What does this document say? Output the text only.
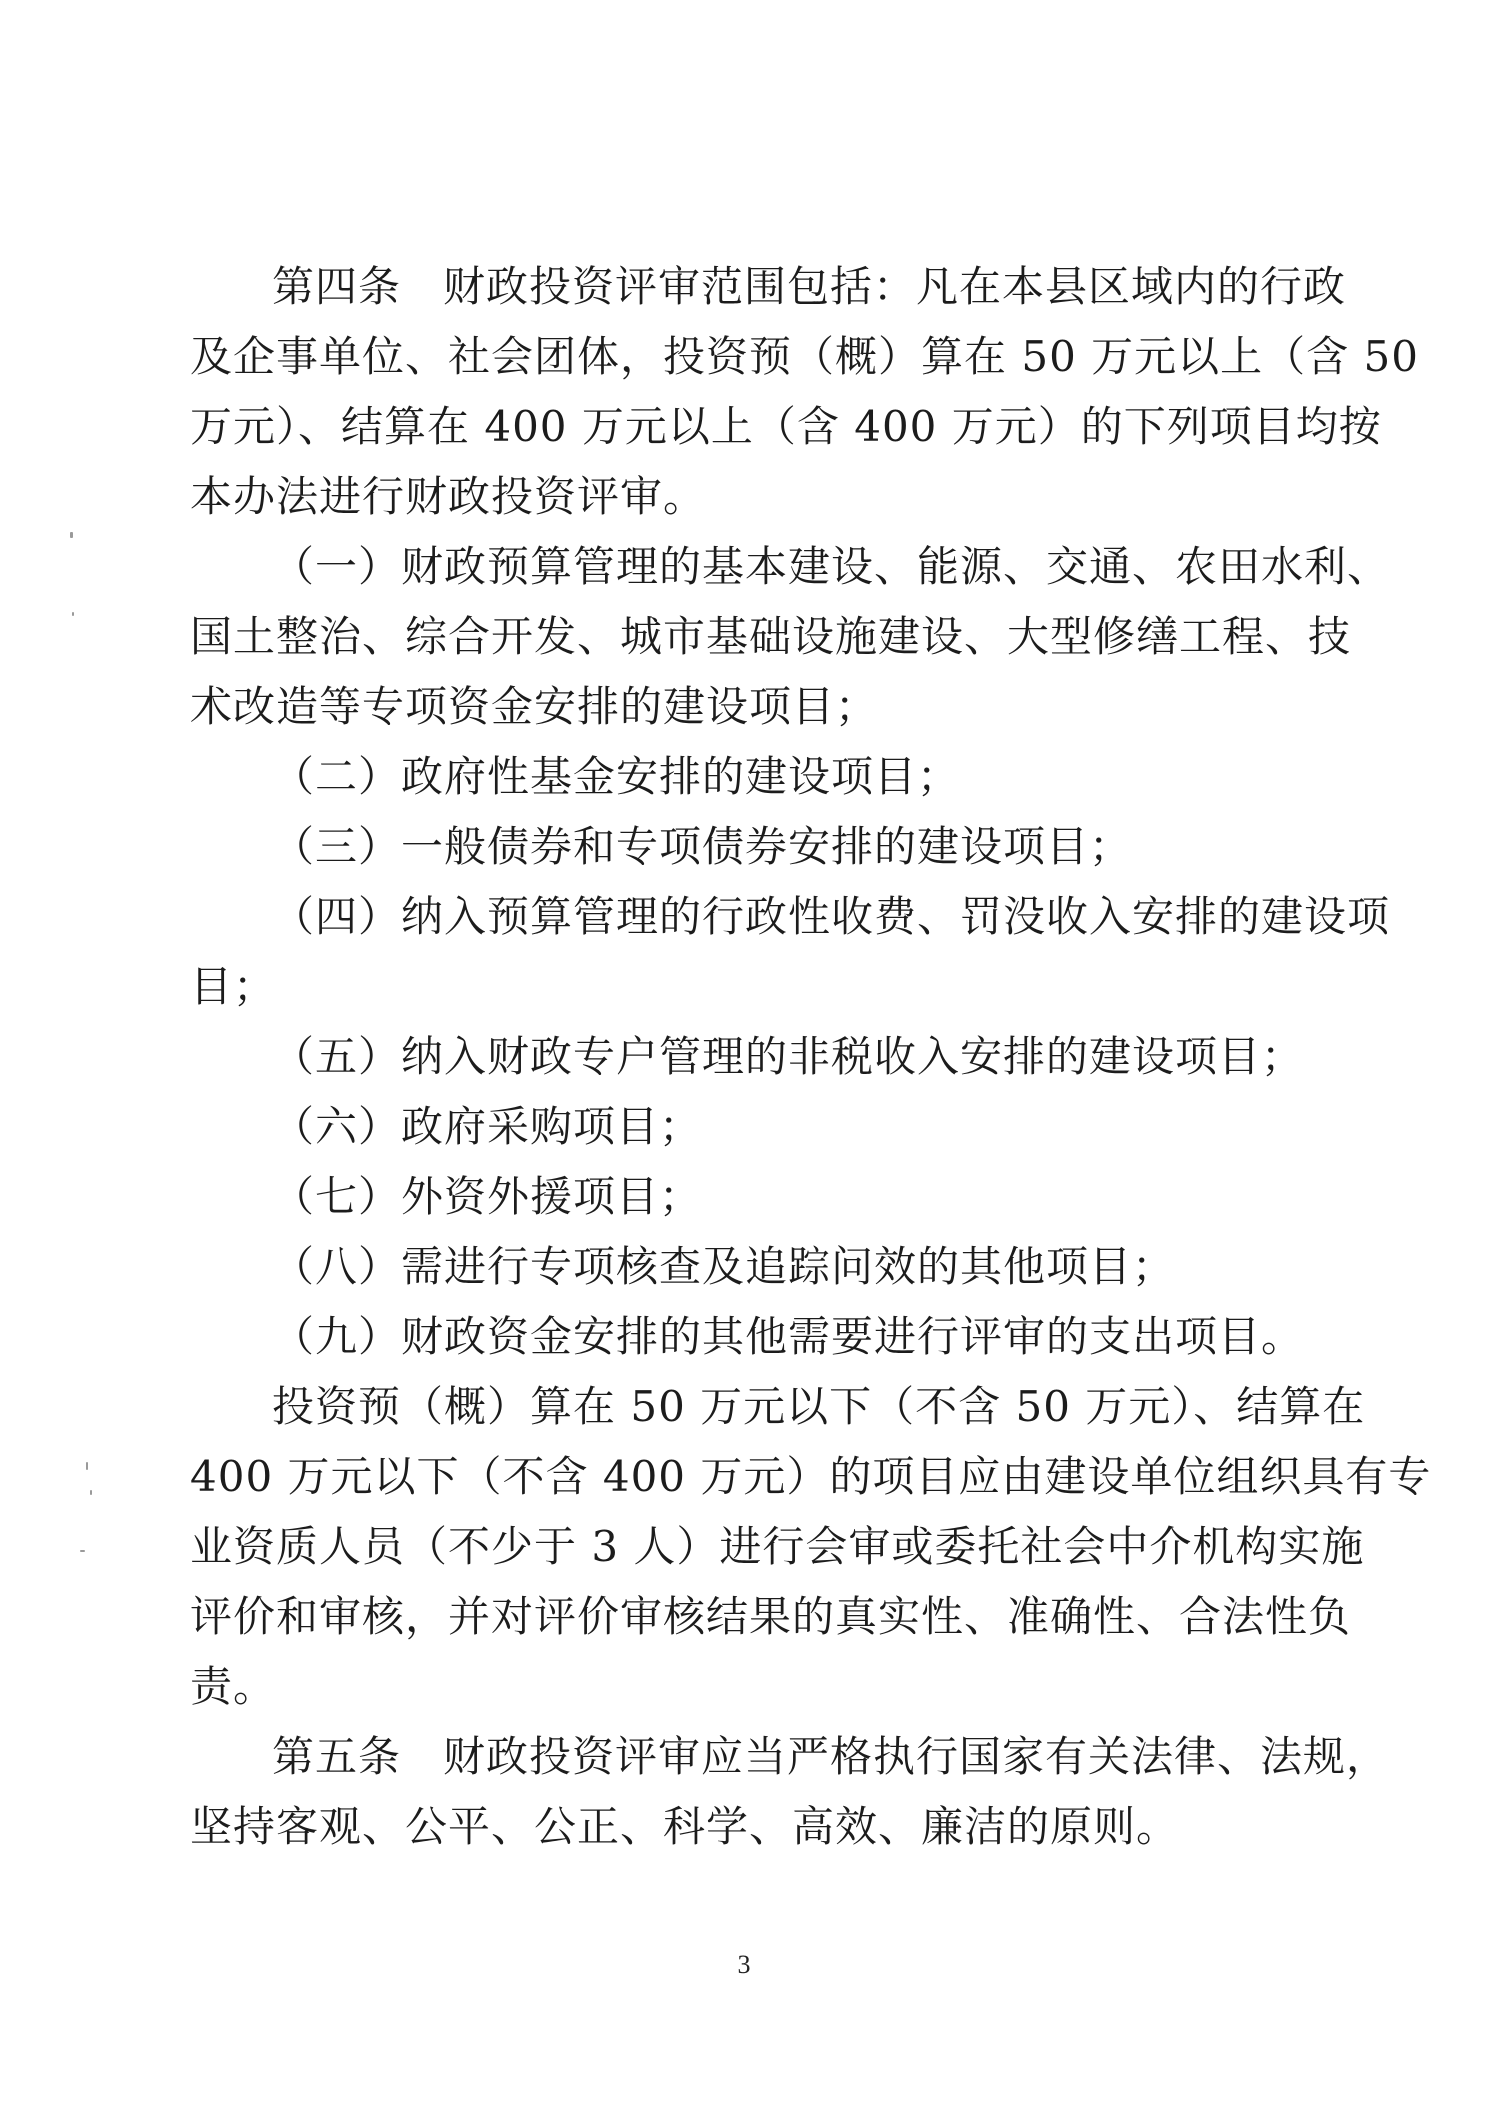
第四条 财政投资评审范围包括：凡在本县区域内的行政
及企事单位、社会团体，投资预（概）算在 50 万元以上（含 50
万元）、结算在 400 万元以上（含 400 万元）的下列项目均按
本办法进行财政投资评审。
（一）财政预算管理的基本建设、能源、交通、农田水利、
国土整治、综合开发、城市基础设施建设、大型修缮工程、技
术改造等专项资金安排的建设项目；
（二）政府性基金安排的建设项目；
（三）一般债券和专项债券安排的建设项目；
（四）纳入预算管理的行政性收费、罚没收入安排的建设项
目；
（五）纳入财政专户管理的非税收入安排的建设项目；
（六）政府采购项目；
（七）外资外援项目；
（八）需进行专项核查及追踪问效的其他项目；
（九）财政资金安排的其他需要进行评审的支出项目。
投资预（概）算在 50 万元以下（不含 50 万元）、结算在
400 万元以下（不含 400 万元）的项目应由建设单位组织具有专
业资质人员（不少于 3 人）进行会审或委托社会中介机构实施
评价和审核，并对评价审核结果的真实性、准确性、合法性负
责。
第五条 财政投资评审应当严格执行国家有关法律、法规，
坚持客观、公平、公正、科学、高效、廉洁的原则。
3
